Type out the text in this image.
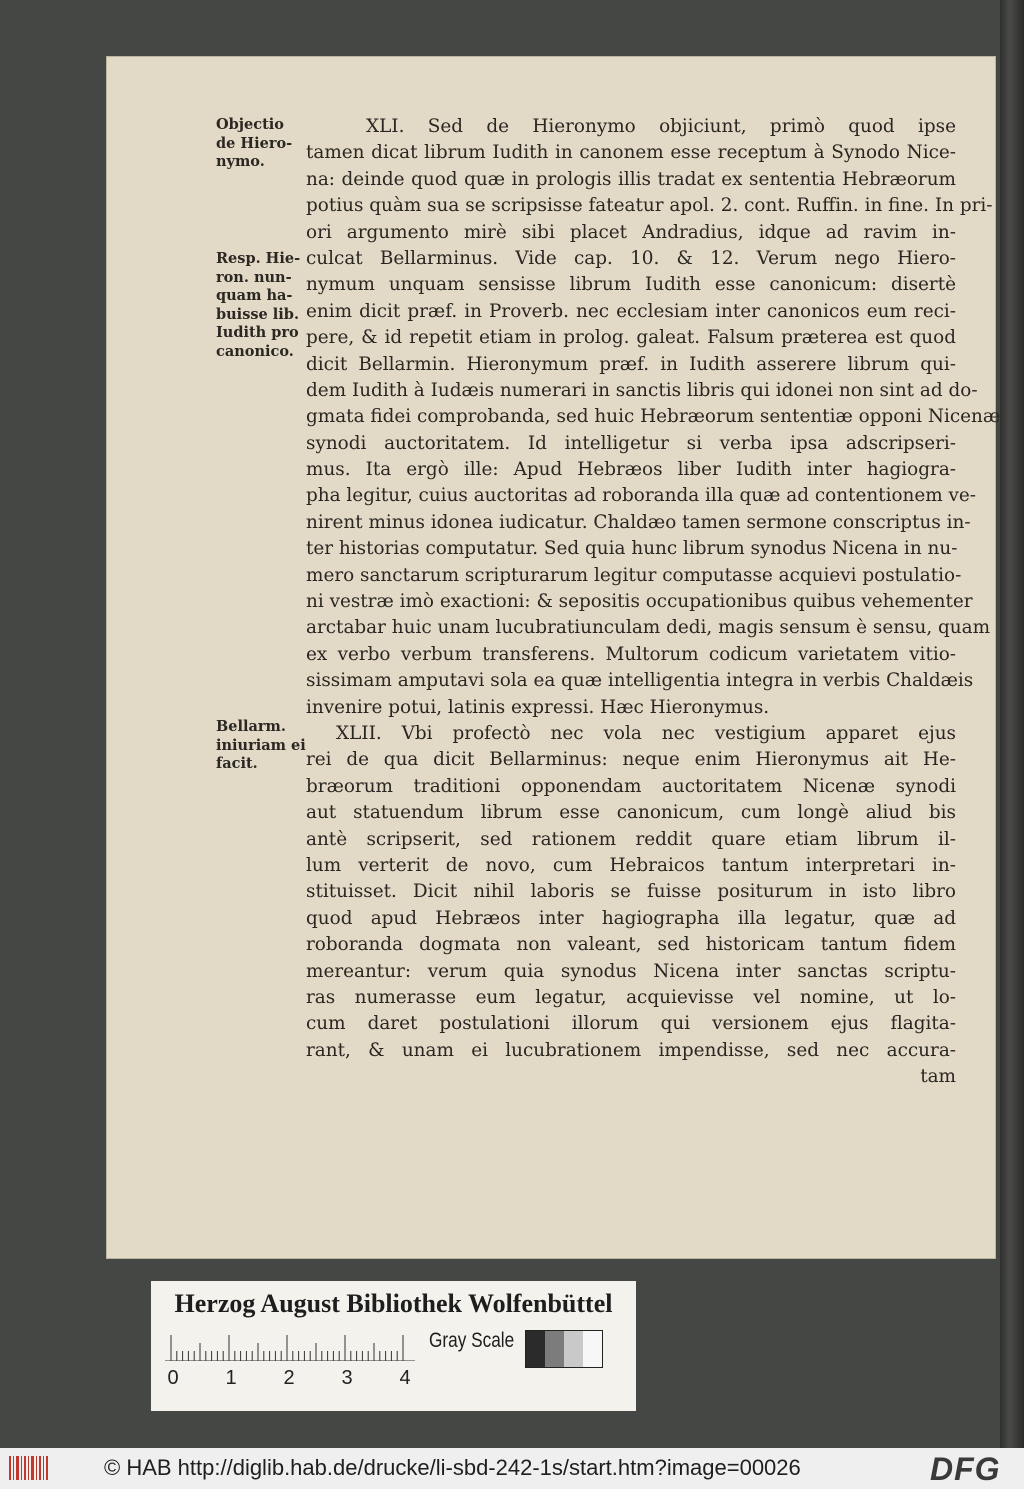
Objectio
de Hiero-
nymo.
Resp. Hie-
ron. nun-
quam ha-
buisse lib.
Iudith pro
canonico.
Bellarm.
iniuriam ei
facit.
XLI. Sed de Hieronymo objiciunt, primò quod ipse
tamen dicat librum Iudith in canonem esse receptum à Synodo Nice-
na: deinde quod quæ in prologis illis tradat ex sententia Hebræorum
potius quàm sua se scripsisse fateatur apol. 2. cont. Ruffin. in fine. In pri-
ori argumento mirè sibi placet Andradius, idque ad ravim in-
culcat Bellarminus. Vide cap. 10. & 12. Verum nego Hiero-
nymum unquam sensisse librum Iudith esse canonicum: disertè
enim dicit præf. in Proverb. nec ecclesiam inter canonicos eum reci-
pere, & id repetit etiam in prolog. galeat. Falsum præterea est quod
dicit Bellarmin. Hieronymum præf. in Iudith asserere librum qui-
dem Iudith à Iudæis numerari in sanctis libris qui idonei non sint ad do-
gmata fidei comprobanda, sed huic Hebræorum sententiæ opponi Nicenæ
synodi auctoritatem. Id intelligetur si verba ipsa adscripseri-
mus. Ita ergò ille: Apud Hebræos liber Iudith inter hagiogra-
pha legitur, cuius auctoritas ad roboranda illa quæ ad contentionem ve-
nirent minus idonea iudicatur. Chaldæo tamen sermone conscriptus in-
ter historias computatur. Sed quia hunc librum synodus Nicena in nu-
mero sanctarum scripturarum legitur computasse acquievi postulatio-
ni vestræ imò exactioni: & sepositis occupationibus quibus vehementer
arctabar huic unam lucubratiunculam dedi, magis sensum è sensu, quam
ex verbo verbum transferens. Multorum codicum varietatem vitio-
sissimam amputavi sola ea quæ intelligentia integra in verbis Chaldæis
invenire potui, latinis expressi. Hæc Hieronymus.
XLII. Vbi profectò nec vola nec vestigium apparet ejus
rei de qua dicit Bellarminus: neque enim Hieronymus ait He-
bræorum traditioni opponendam auctoritatem Nicenæ synodi
aut statuendum librum esse canonicum, cum longè aliud bis
antè scripserit, sed rationem reddit quare etiam librum il-
lum verterit de novo, cum Hebraicos tantum interpretari in-
stituisset. Dicit nihil laboris se fuisse positurum in isto libro
quod apud Hebræos inter hagiographa illa legatur, quæ ad
roboranda dogmata non valeant, sed historicam tantum fidem
mereantur: verum quia synodus Nicena inter sanctas scriptu-
ras numerasse eum legatur, acquievisse vel nomine, ut lo-
cum daret postulationi illorum qui versionem ejus flagita-
rant, & unam ei lucubrationem impendisse, sed nec accura-
tam
Herzog August Bibliothek Wolfenbüttel
0 1 2 3 4
Gray Scale
© HAB http://diglib.hab.de/drucke/li-sbd-242-1s/start.htm?image=00026	DFG
